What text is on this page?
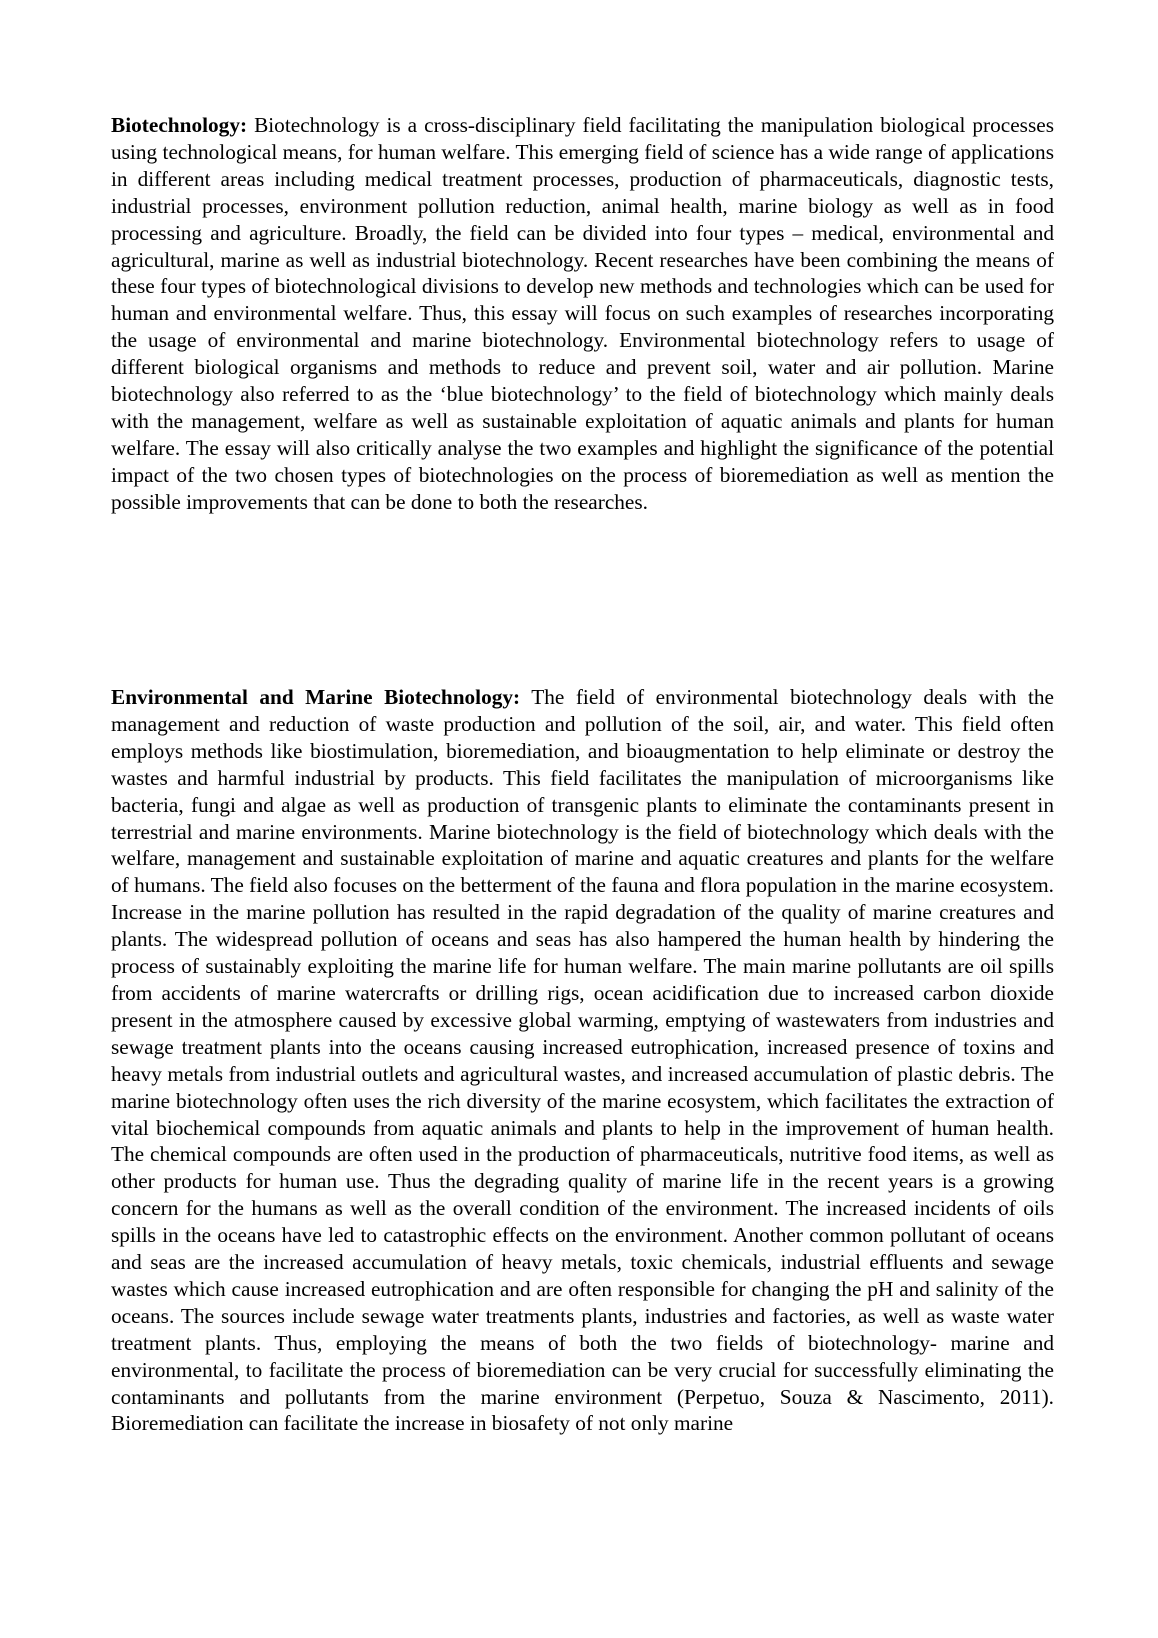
Biotechnology: Biotechnology is a cross-disciplinary field facilitating the manipulation biological processes using technological means, for human welfare. This emerging field of science has a wide range of applications in different areas including medical treatment processes, production of pharmaceuticals, diagnostic tests, industrial processes, environment pollution reduction, animal health, marine biology as well as in food processing and agriculture. Broadly, the field can be divided into four types – medical, environmental and agricultural, marine as well as industrial biotechnology. Recent researches have been combining the means of these four types of biotechnological divisions to develop new methods and technologies which can be used for human and environmental welfare. Thus, this essay will focus on such examples of researches incorporating the usage of environmental and marine biotechnology. Environmental biotechnology refers to usage of different biological organisms and methods to reduce and prevent soil, water and air pollution. Marine biotechnology also referred to as the ‘blue biotechnology’ to the field of biotechnology which mainly deals with the management, welfare as well as sustainable exploitation of aquatic animals and plants for human welfare. The essay will also critically analyse the two examples and highlight the significance of the potential impact of the two chosen types of biotechnologies on the process of bioremediation as well as mention the possible improvements that can be done to both the researches.

Environmental and Marine Biotechnology: The field of environmental biotechnology deals with the management and reduction of waste production and pollution of the soil, air, and water. This field often employs methods like biostimulation, bioremediation, and bioaugmentation to help eliminate or destroy the wastes and harmful industrial by products. This field facilitates the manipulation of microorganisms like bacteria, fungi and algae as well as production of transgenic plants to eliminate the contaminants present in terrestrial and marine environments. Marine biotechnology is the field of biotechnology which deals with the welfare, management and sustainable exploitation of marine and aquatic creatures and plants for the welfare of humans. The field also focuses on the betterment of the fauna and flora population in the marine ecosystem. Increase in the marine pollution has resulted in the rapid degradation of the quality of marine creatures and plants. The widespread pollution of oceans and seas has also hampered the human health by hindering the process of sustainably exploiting the marine life for human welfare. The main marine pollutants are oil spills from accidents of marine watercrafts or drilling rigs, ocean acidification due to increased carbon dioxide present in the atmosphere caused by excessive global warming, emptying of wastewaters from industries and sewage treatment plants into the oceans causing increased eutrophication, increased presence of toxins and heavy metals from industrial outlets and agricultural wastes, and increased accumulation of plastic debris. The marine biotechnology often uses the rich diversity of the marine ecosystem, which facilitates the extraction of vital biochemical compounds from aquatic animals and plants to help in the improvement of human health. The chemical compounds are often used in the production of pharmaceuticals, nutritive food items, as well as other products for human use. Thus the degrading quality of marine life in the recent years is a growing concern for the humans as well as the overall condition of the environment. The increased incidents of oils spills in the oceans have led to catastrophic effects on the environment. Another common pollutant of oceans and seas are the increased accumulation of heavy metals, toxic chemicals, industrial effluents and sewage wastes which cause increased eutrophication and are often responsible for changing the pH and salinity of the oceans. The sources include sewage water treatments plants, industries and factories, as well as waste water treatment plants. Thus, employing the means of both the two fields of biotechnology- marine and environmental, to facilitate the process of bioremediation can be very crucial for successfully eliminating the contaminants and pollutants from the marine environment (Perpetuo, Souza & Nascimento, 2011). Bioremediation can facilitate the increase in biosafety of not only marine
